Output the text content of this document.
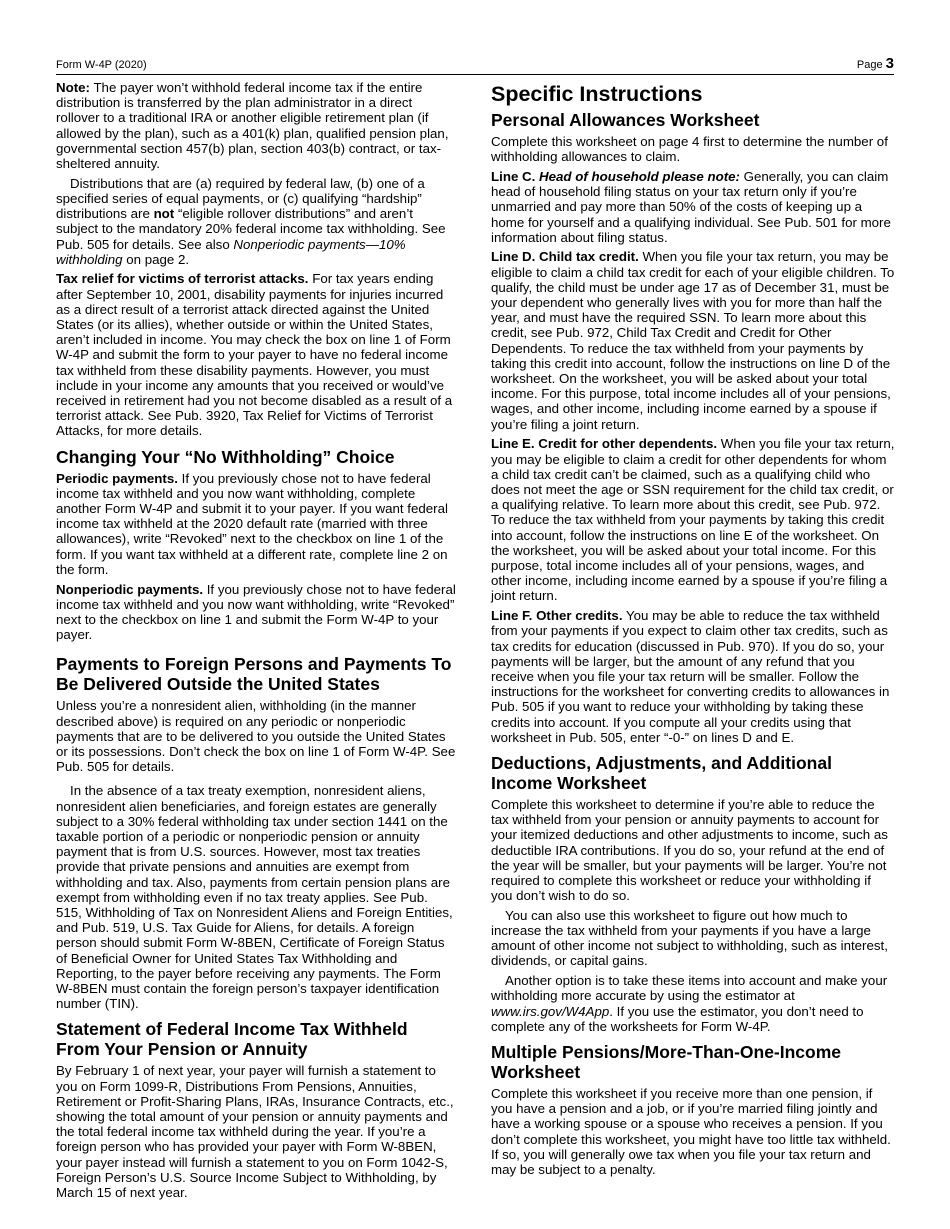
Form W-4P (2020)	Page 3

Note: The payer won’t withhold federal income tax if the entire distribution is transferred by the plan administrator in a direct rollover to a traditional IRA or another eligible retirement plan (if allowed by the plan), such as a 401(k) plan, qualified pension plan, governmental section 457(b) plan, section 403(b) contract, or tax-sheltered annuity.

Distributions that are (a) required by federal law, (b) one of a specified series of equal payments, or (c) qualifying “hardship” distributions are not “eligible rollover distributions” and aren’t subject to the mandatory 20% federal income tax withholding. See Pub. 505 for details. See also Nonperiodic payments—10% withholding on page 2.

Tax relief for victims of terrorist attacks. For tax years ending after September 10, 2001, disability payments for injuries incurred as a direct result of a terrorist attack directed against the United States (or its allies), whether outside or within the United States, aren’t included in income. You may check the box on line 1 of Form W-4P and submit the form to your payer to have no federal income tax withheld from these disability payments. However, you must include in your income any amounts that you received or would’ve received in retirement had you not become disabled as a result of a terrorist attack. See Pub. 3920, Tax Relief for Victims of Terrorist Attacks, for more details.

Changing Your “No Withholding” Choice

Periodic payments. If you previously chose not to have federal income tax withheld and you now want withholding, complete another Form W-4P and submit it to your payer. If you want federal income tax withheld at the 2020 default rate (married with three allowances), write “Revoked” next to the checkbox on line 1 of the form. If you want tax withheld at a different rate, complete line 2 on the form.

Nonperiodic payments. If you previously chose not to have federal income tax withheld and you now want withholding, write “Revoked” next to the checkbox on line 1 and submit the Form W-4P to your payer.

Payments to Foreign Persons and Payments To Be Delivered Outside the United States

Unless you’re a nonresident alien, withholding (in the manner described above) is required on any periodic or nonperiodic payments that are to be delivered to you outside the United States or its possessions. Don’t check the box on line 1 of Form W-4P. See Pub. 505 for details.

In the absence of a tax treaty exemption, nonresident aliens, nonresident alien beneficiaries, and foreign estates are generally subject to a 30% federal withholding tax under section 1441 on the taxable portion of a periodic or nonperiodic pension or annuity payment that is from U.S. sources. However, most tax treaties provide that private pensions and annuities are exempt from withholding and tax. Also, payments from certain pension plans are exempt from withholding even if no tax treaty applies. See Pub. 515, Withholding of Tax on Nonresident Aliens and Foreign Entities, and Pub. 519, U.S. Tax Guide for Aliens, for details. A foreign person should submit Form W-8BEN, Certificate of Foreign Status of Beneficial Owner for United States Tax Withholding and Reporting, to the payer before receiving any payments. The Form W-8BEN must contain the foreign person’s taxpayer identification number (TIN).

Statement of Federal Income Tax Withheld From Your Pension or Annuity

By February 1 of next year, your payer will furnish a statement to you on Form 1099-R, Distributions From Pensions, Annuities, Retirement or Profit-Sharing Plans, IRAs, Insurance Contracts, etc., showing the total amount of your pension or annuity payments and the total federal income tax withheld during the year. If you’re a foreign person who has provided your payer with Form W-8BEN, your payer instead will furnish a statement to you on Form 1042-S, Foreign Person’s U.S. Source Income Subject to Withholding, by March 15 of next year.

Specific Instructions
Personal Allowances Worksheet

Complete this worksheet on page 4 first to determine the number of withholding allowances to claim.

Line C. Head of household please note: Generally, you can claim head of household filing status on your tax return only if you’re unmarried and pay more than 50% of the costs of keeping up a home for yourself and a qualifying individual. See Pub. 501 for more information about filing status.

Line D. Child tax credit. When you file your tax return, you may be eligible to claim a child tax credit for each of your eligible children. To qualify, the child must be under age 17 as of December 31, must be your dependent who generally lives with you for more than half the year, and must have the required SSN. To learn more about this credit, see Pub. 972, Child Tax Credit and Credit for Other Dependents. To reduce the tax withheld from your payments by taking this credit into account, follow the instructions on line D of the worksheet. On the worksheet, you will be asked about your total income. For this purpose, total income includes all of your pensions, wages, and other income, including income earned by a spouse if you’re filing a joint return.

Line E. Credit for other dependents. When you file your tax return, you may be eligible to claim a credit for other dependents for whom a child tax credit can’t be claimed, such as a qualifying child who does not meet the age or SSN requirement for the child tax credit, or a qualifying relative. To learn more about this credit, see Pub. 972. To reduce the tax withheld from your payments by taking this credit into account, follow the instructions on line E of the worksheet. On the worksheet, you will be asked about your total income. For this purpose, total income includes all of your pensions, wages, and other income, including income earned by a spouse if you’re filing a joint return.

Line F. Other credits. You may be able to reduce the tax withheld from your payments if you expect to claim other tax credits, such as tax credits for education (discussed in Pub. 970). If you do so, your payments will be larger, but the amount of any refund that you receive when you file your tax return will be smaller. Follow the instructions for the worksheet for converting credits to allowances in Pub. 505 if you want to reduce your withholding by taking these credits into account. If you compute all your credits using that worksheet in Pub. 505, enter “-0-” on lines D and E.

Deductions, Adjustments, and Additional Income Worksheet

Complete this worksheet to determine if you’re able to reduce the tax withheld from your pension or annuity payments to account for your itemized deductions and other adjustments to income, such as deductible IRA contributions. If you do so, your refund at the end of the year will be smaller, but your payments will be larger. You’re not required to complete this worksheet or reduce your withholding if you don’t wish to do so.

You can also use this worksheet to figure out how much to increase the tax withheld from your payments if you have a large amount of other income not subject to withholding, such as interest, dividends, or capital gains.

Another option is to take these items into account and make your withholding more accurate by using the estimator at www.irs.gov/W4App. If you use the estimator, you don’t need to complete any of the worksheets for Form W-4P.

Multiple Pensions/More-Than-One-Income Worksheet

Complete this worksheet if you receive more than one pension, if you have a pension and a job, or if you’re married filing jointly and have a working spouse or a spouse who receives a pension. If you don’t complete this worksheet, you might have too little tax withheld. If so, you will generally owe tax when you file your tax return and may be subject to a penalty.
